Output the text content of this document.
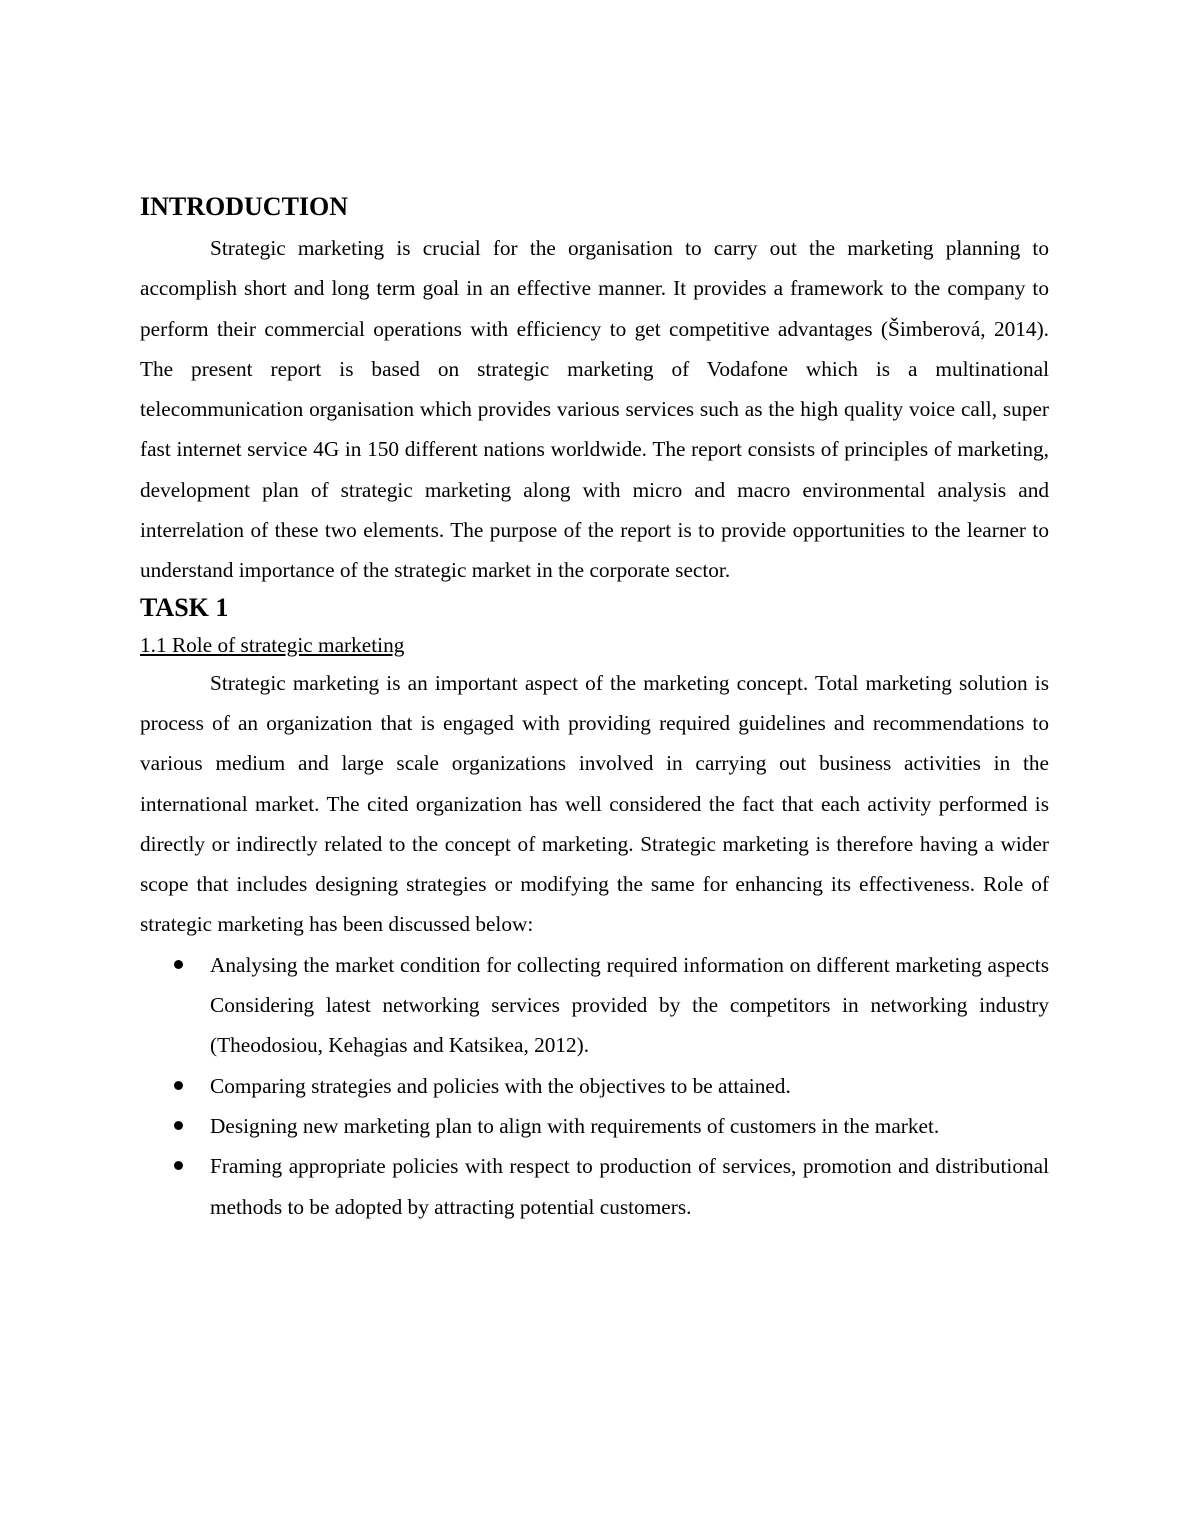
INTRODUCTION

Strategic marketing is crucial for the organisation to carry out the marketing planning to accomplish short and long term goal in an effective manner. It provides a framework to the company to perform their commercial operations with efficiency to get competitive advantages (Šimberová, 2014). The present report is based on strategic marketing of Vodafone which is a multinational telecommunication organisation which provides various services such as the high quality voice call, super fast internet service 4G in 150 different nations worldwide. The report consists of principles of marketing, development plan of strategic marketing along with micro and macro environmental analysis and interrelation of these two elements. The purpose of the report is to provide opportunities to the learner to understand importance of the strategic market in the corporate sector.

TASK 1
1.1 Role of strategic marketing

Strategic marketing is an important aspect of the marketing concept. Total marketing solution is process of an organization that is engaged with providing required guidelines and recommendations to various medium and large scale organizations involved in carrying out business activities in the international market. The cited organization has well considered the fact that each activity performed is directly or indirectly related to the concept of marketing. Strategic marketing is therefore having a wider scope that includes designing strategies or modifying the same for enhancing its effectiveness. Role of strategic marketing has been discussed below:

Analysing the market condition for collecting required information on different marketing aspects Considering latest networking services provided by the competitors in networking industry (Theodosiou, Kehagias and Katsikea, 2012).
Comparing strategies and policies with the objectives to be attained.
Designing new marketing plan to align with requirements of customers in the market.
Framing appropriate policies with respect to production of services, promotion and distributional methods to be adopted by attracting potential customers.
